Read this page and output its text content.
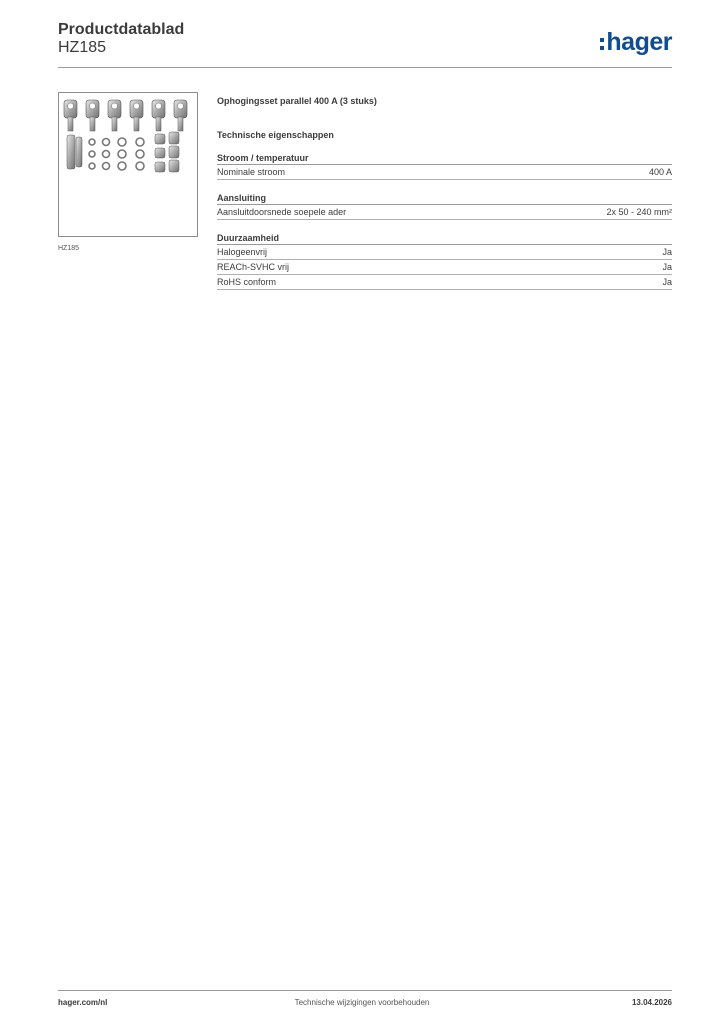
Productdatablad
HZ185	hager
HZ185

Ophogingsset parallel 400 A (3 stuks)

Technische eigenschappen

Stroom / temperatuur
Nominale stroom	400 A
Aansluiting
Aansluitdoorsnede soepele ader	2x 50 - 240 mm²
Duurzaamheid
Halogeenvrij	Ja
REACh-SVHC vrij	Ja
RoHS conform	Ja
hager.com/nl	Technische wijzigingen voorbehouden	13.04.2026
